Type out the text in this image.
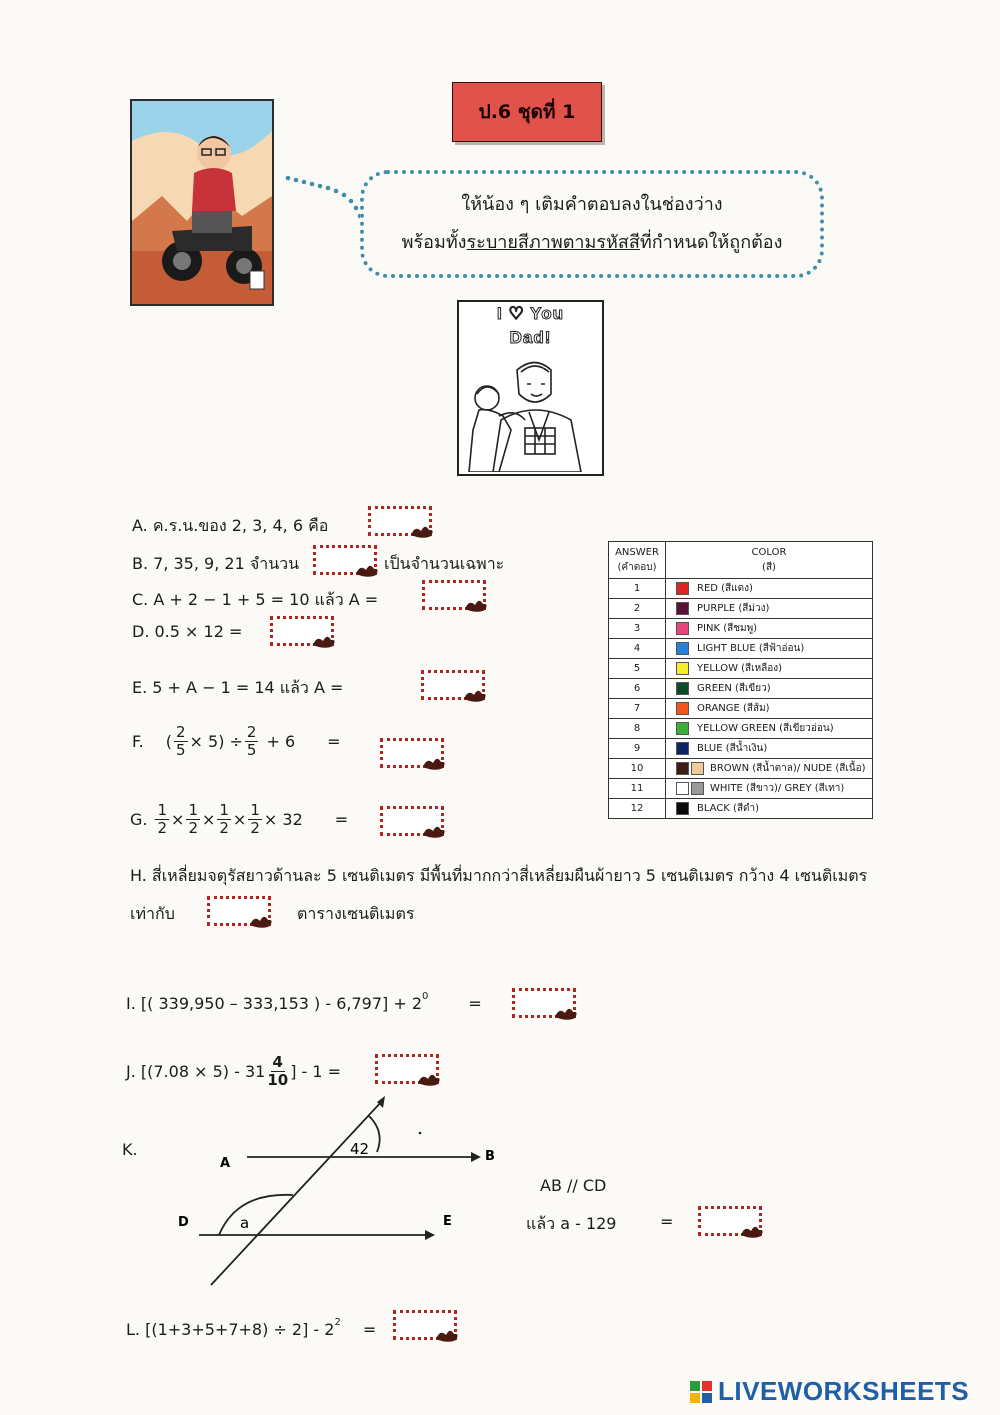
ป.6 ชุดที่ 1
ให้น้อง ๆ เติมคำตอบลงในช่องว่าง
พร้อมทั้งระบายสีภาพตามรหัสสีที่กำหนดให้ถูกต้อง
I ♡ You
Dad!
A. ค.ร.น.ของ 2, 3, 4, 6 คือ
B. 7, 35, 9, 21 จำนวน	เป็นจำนวนเฉพาะ
C. A + 2 − 1 + 5 = 10 แล้ว A =
D. 0.5 × 12 =
E. 5 + A − 1 = 14 แล้ว A =
F. ( $\frac{2}{5} \times 5) \div \frac{2}{5} + 6$ =
G. $\frac{1}{2} \times \frac{1}{2} \times \frac{1}{2} \times \frac{1}{2} \times 32$ =
ANSWER
(คำตอบ)	COLOR
(สี)
1	RED (สีแดง)
2	PURPLE (สีม่วง)
3	PINK (สีชมพู)
4	LIGHT BLUE (สีฟ้าอ่อน)
5	YELLOW (สีเหลือง)
6	GREEN (สีเขียว)
7	ORANGE (สีส้ม)
8	YELLOW GREEN (สีเขียวอ่อน)
9	BLUE (สีน้ำเงิน)
10	BROWN (สีน้ำตาล)/ NUDE (สีเนื้อ)
11	WHITE (สีขาว)/ GREY (สีเทา)
12	BLACK (สีดำ)
H. สี่เหลี่ยมจตุรัสยาวด้านละ 5 เซนติเมตร มีพื้นที่มากกว่าสี่เหลี่ยมผืนผ้ายาว 5 เซนติเมตร กว้าง 4 เซนติเมตร
เท่ากับ	ตารางเซนติเมตร
I. [( 339,950 – 333,153 ) - $6,797] + 2^0$	=
J. [$(7.08 \times 5) - 31 \frac{4}{10}$ ] - 1 =
K.
A	B
D	E
42
a
AB // CD
แล้ว a - 129	=
L. $[(1+3+5+7+8) \div 2] - 2^2$ =
LIVEWORKSHEETS
